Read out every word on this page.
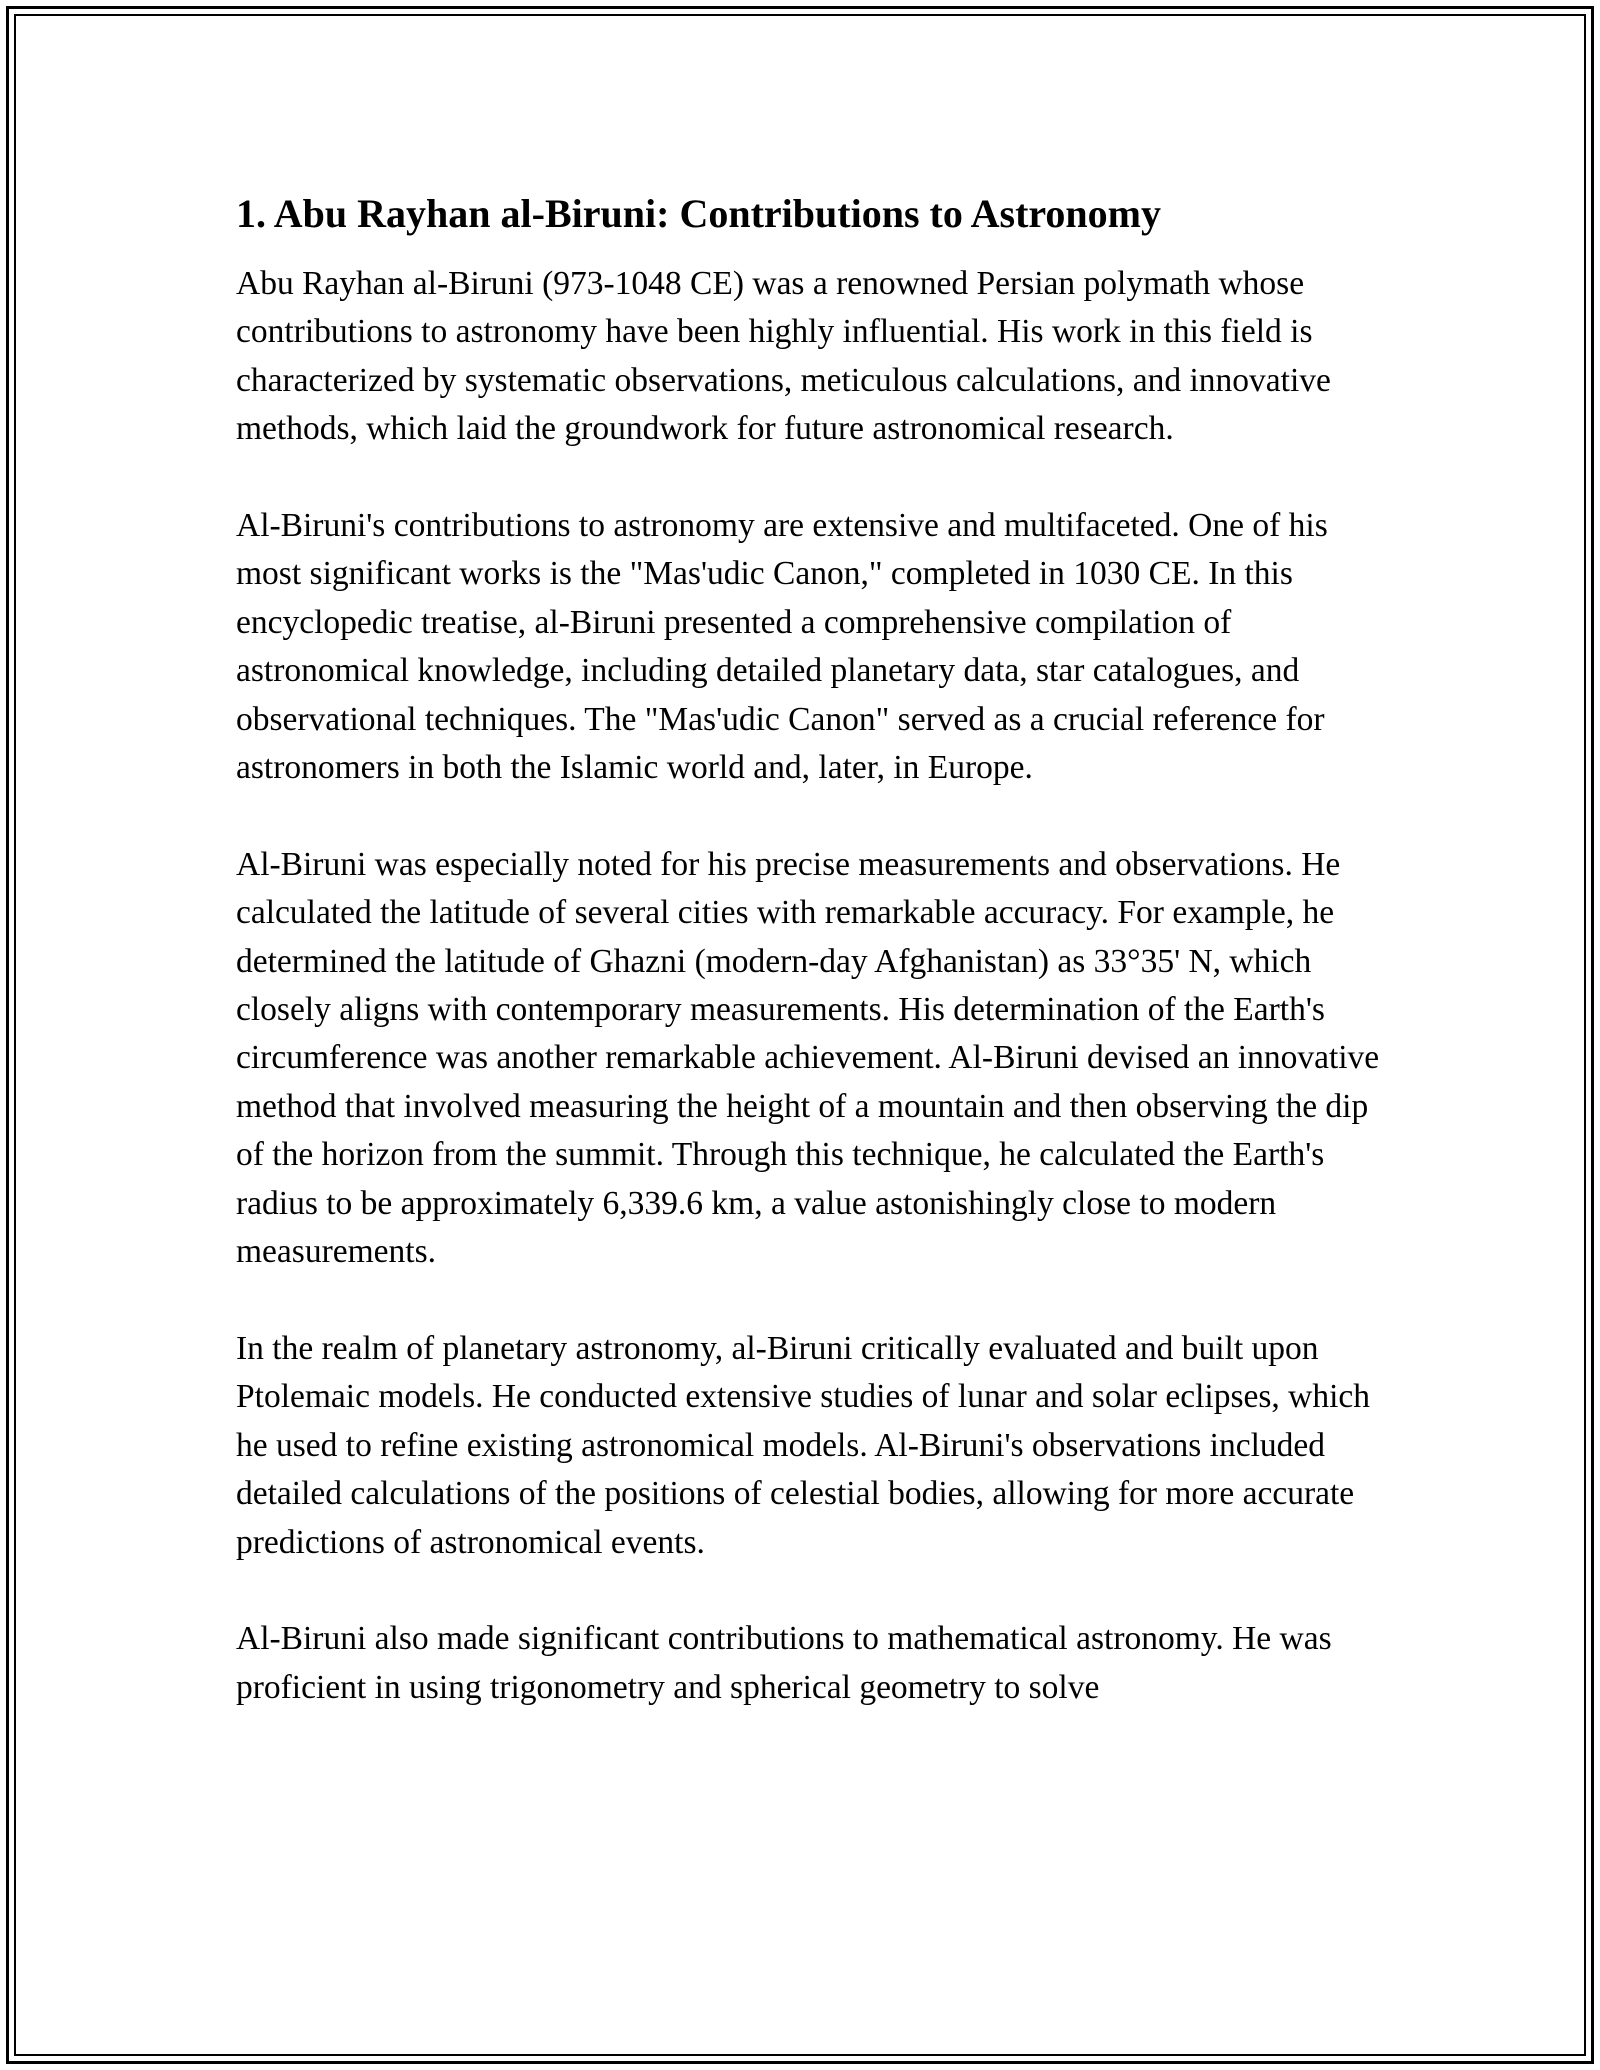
1. Abu Rayhan al-Biruni: Contributions to Astronomy

Abu Rayhan al-Biruni (973-1048 CE) was a renowned Persian polymath whose contributions to astronomy have been highly influential. His work in this field is characterized by systematic observations, meticulous calculations, and innovative methods, which laid the groundwork for future astronomical research.

Al-Biruni's contributions to astronomy are extensive and multifaceted. One of his most significant works is the "Mas'udic Canon," completed in 1030 CE. In this encyclopedic treatise, al-Biruni presented a comprehensive compilation of astronomical knowledge, including detailed planetary data, star catalogues, and observational techniques. The "Mas'udic Canon" served as a crucial reference for astronomers in both the Islamic world and, later, in Europe.

Al-Biruni was especially noted for his precise measurements and observations. He calculated the latitude of several cities with remarkable accuracy. For example, he determined the latitude of Ghazni (modern-day Afghanistan) as 33°35' N, which closely aligns with contemporary measurements. His determination of the Earth's circumference was another remarkable achievement. Al-Biruni devised an innovative method that involved measuring the height of a mountain and then observing the dip of the horizon from the summit. Through this technique, he calculated the Earth's radius to be approximately 6,339.6 km, a value astonishingly close to modern measurements.

In the realm of planetary astronomy, al-Biruni critically evaluated and built upon Ptolemaic models. He conducted extensive studies of lunar and solar eclipses, which he used to refine existing astronomical models. Al-Biruni's observations included detailed calculations of the positions of celestial bodies, allowing for more accurate predictions of astronomical events.

Al-Biruni also made significant contributions to mathematical astronomy. He was proficient in using trigonometry and spherical geometry to solve
